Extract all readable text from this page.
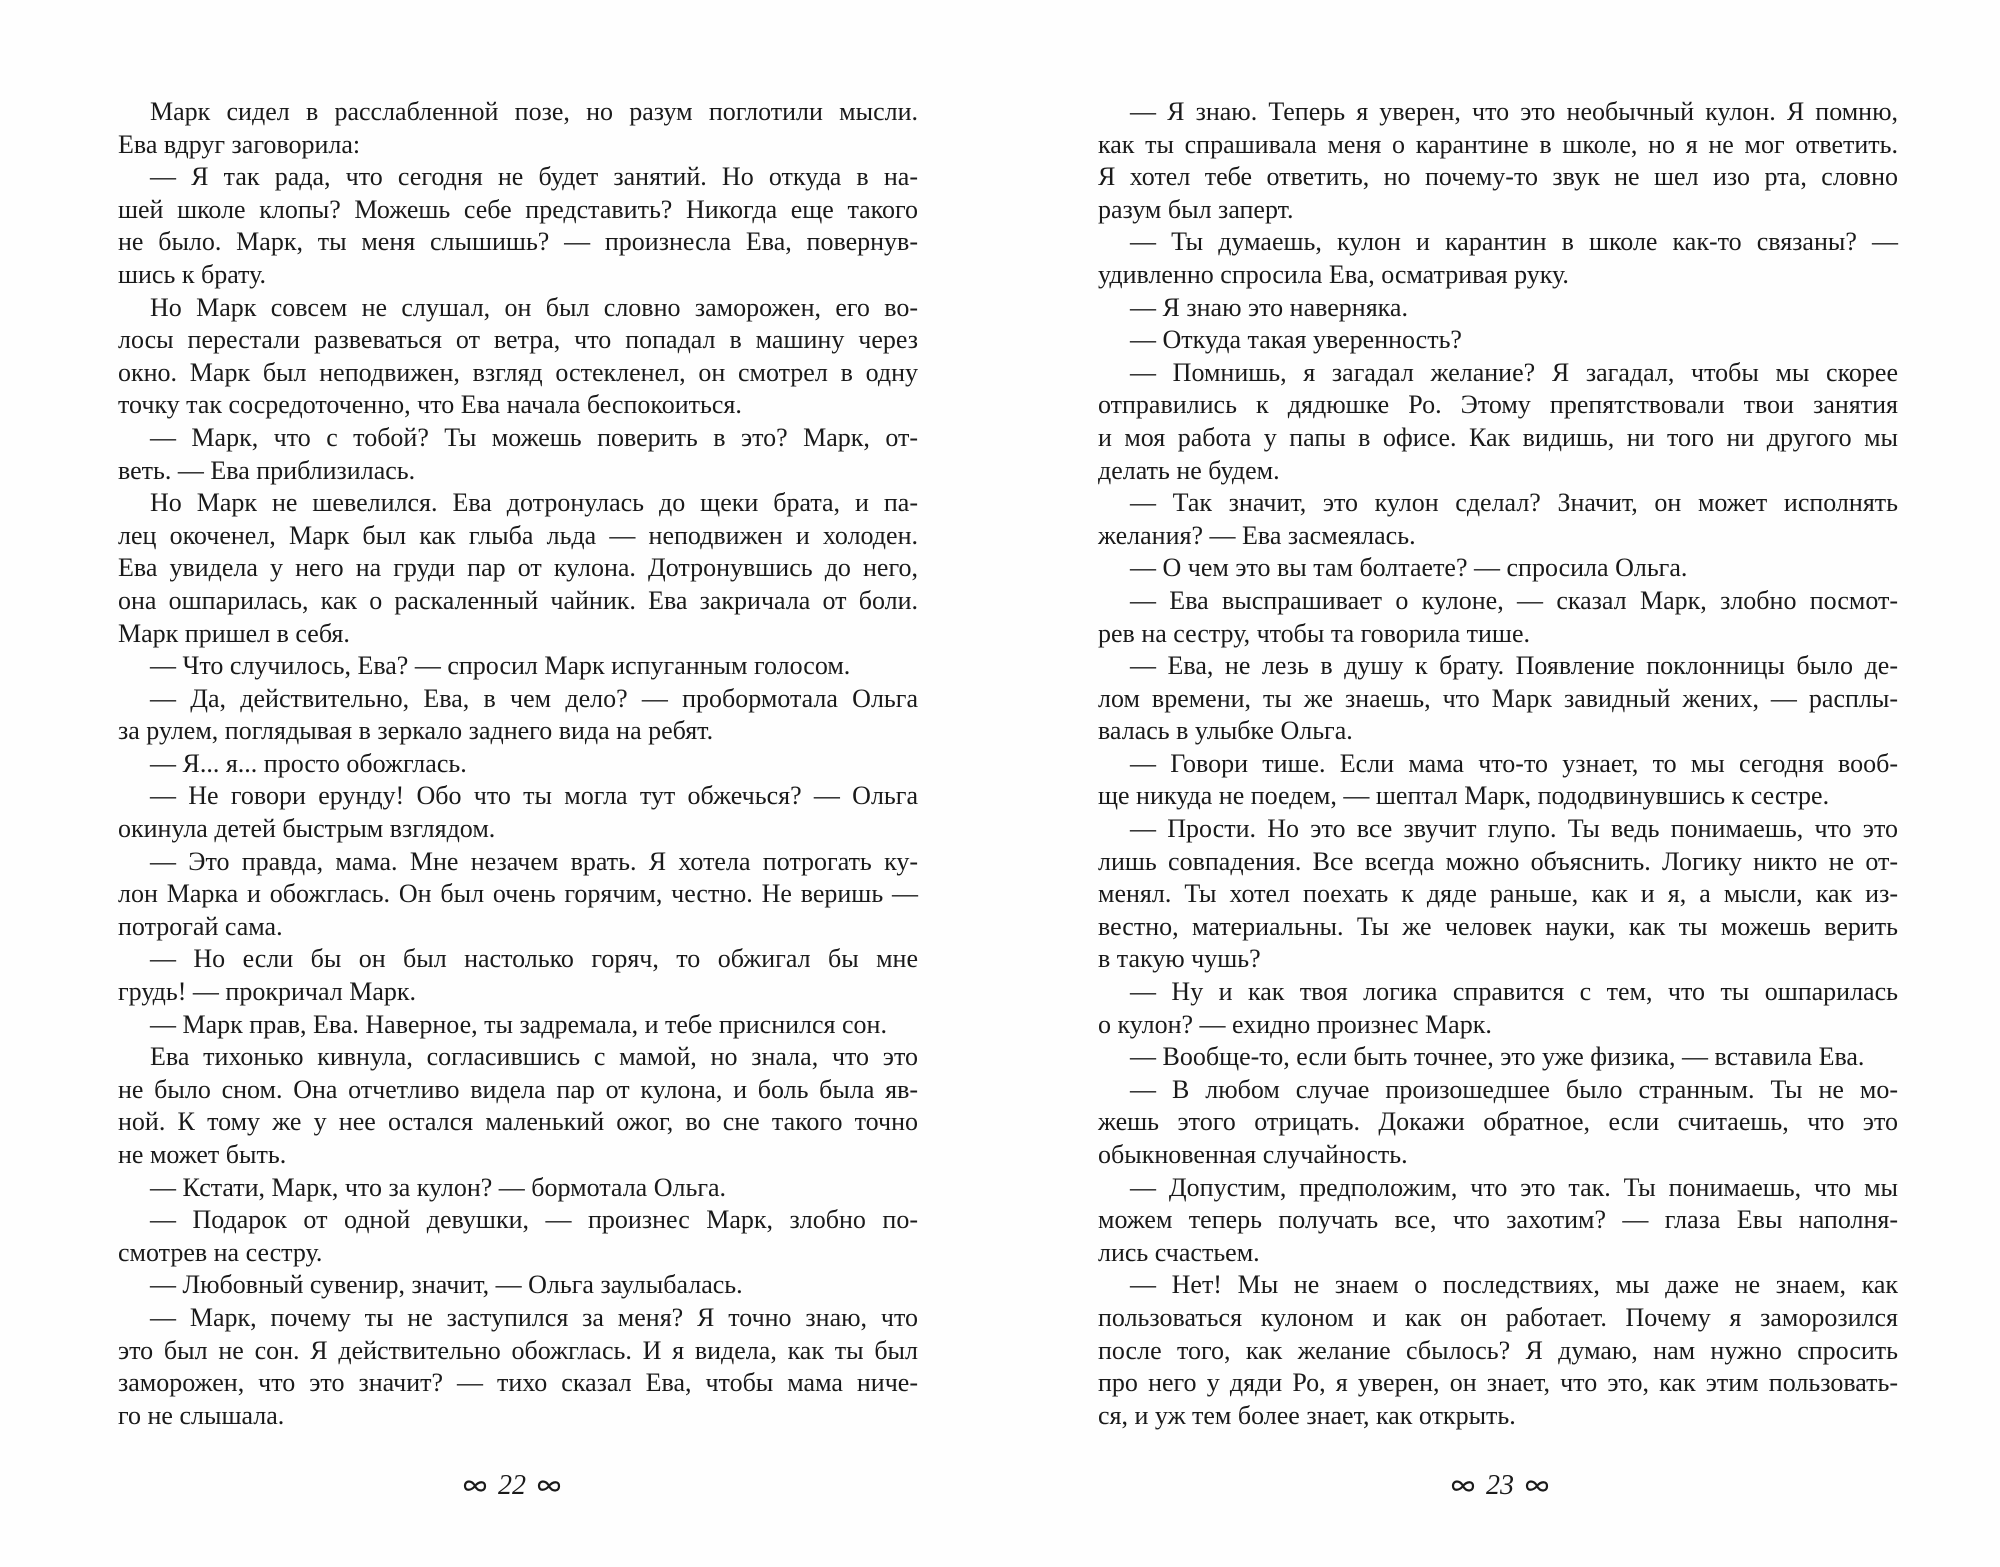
Марк сидел в расслабленной позе, но разум поглотили мысли.
Ева вдруг заговорила:
— Я так рада, что сегодня не будет занятий. Но откуда в на-
шей школе клопы? Можешь себе представить? Никогда еще такого
не было. Марк, ты меня слышишь? — произнесла Ева, повернув-
шись к брату.
Но Марк совсем не слушал, он был словно заморожен, его во-
лосы перестали развеваться от ветра, что попадал в машину через
окно. Марк был неподвижен, взгляд остекленел, он смотрел в одну
точку так сосредоточенно, что Ева начала беспокоиться.
— Марк, что с тобой? Ты можешь поверить в это? Марк, от-
веть. — Ева приблизилась.
Но Марк не шевелился. Ева дотронулась до щеки брата, и па-
лец окоченел, Марк был как глыба льда — неподвижен и холоден.
Ева увидела у него на груди пар от кулона. Дотронувшись до него,
она ошпарилась, как о раскаленный чайник. Ева закричала от боли.
Марк пришел в себя.
— Что случилось, Ева? — спросил Марк испуганным голосом.
— Да, действительно, Ева, в чем дело? — пробормотала Ольга
за рулем, поглядывая в зеркало заднего вида на ребят.
— Я... я... просто обожглась.
— Не говори ерунду! Обо что ты могла тут обжечься? — Ольга
окинула детей быстрым взглядом.
— Это правда, мама. Мне незачем врать. Я хотела потрогать ку-
лон Марка и обожглась. Он был очень горячим, честно. Не веришь —
потрогай сама.
— Но если бы он был настолько горяч, то обжигал бы мне
грудь! — прокричал Марк.
— Марк прав, Ева. Наверное, ты задремала, и тебе приснился сон.
Ева тихонько кивнула, согласившись с мамой, но знала, что это
не было сном. Она отчетливо видела пар от кулона, и боль была яв-
ной. К тому же у нее остался маленький ожог, во сне такого точно
не может быть.
— Кстати, Марк, что за кулон? — бормотала Ольга.
— Подарок от одной девушки, — произнес Марк, злобно по-
смотрев на сестру.
— Любовный сувенир, значит, — Ольга заулыбалась.
— Марк, почему ты не заступился за меня? Я точно знаю, что
это был не сон. Я действительно обожглась. И я видела, как ты был
заморожен, что это значит? — тихо сказал Ева, чтобы мама ниче-
го не слышала.
— Я знаю. Теперь я уверен, что это необычный кулон. Я помню,
как ты спрашивала меня о карантине в школе, но я не мог ответить.
Я хотел тебе ответить, но почему-то звук не шел изо рта, словно
разум был заперт.
— Ты думаешь, кулон и карантин в школе как-то связаны? —
удивленно спросила Ева, осматривая руку.
— Я знаю это наверняка.
— Откуда такая уверенность?
— Помнишь, я загадал желание? Я загадал, чтобы мы скорее
отправились к дядюшке Ро. Этому препятствовали твои занятия
и моя работа у папы в офисе. Как видишь, ни того ни другого мы
делать не будем.
— Так значит, это кулон сделал? Значит, он может исполнять
желания? — Ева засмеялась.
— О чем это вы там болтаете? — спросила Ольга.
— Ева выспрашивает о кулоне, — сказал Марк, злобно посмот-
рев на сестру, чтобы та говорила тише.
— Ева, не лезь в душу к брату. Появление поклонницы было де-
лом времени, ты же знаешь, что Марк завидный жених, — расплы-
валась в улыбке Ольга.
— Говори тише. Если мама что-то узнает, то мы сегодня вооб-
ще никуда не поедем, — шептал Марк, пододвинувшись к сестре.
— Прости. Но это все звучит глупо. Ты ведь понимаешь, что это
лишь совпадения. Все всегда можно объяснить. Логику никто не от-
менял. Ты хотел поехать к дяде раньше, как и я, а мысли, как из-
вестно, материальны. Ты же человек науки, как ты можешь верить
в такую чушь?
— Ну и как твоя логика справится с тем, что ты ошпарилась
о кулон? — ехидно произнес Марк.
— Вообще-то, если быть точнее, это уже физика, — вставила Ева.
— В любом случае произошедшее было странным. Ты не мо-
жешь этого отрицать. Докажи обратное, если считаешь, что это
обыкновенная случайность.
— Допустим, предположим, что это так. Ты понимаешь, что мы
можем теперь получать все, что захотим? — глаза Евы наполня-
лись счастьем.
— Нет! Мы не знаем о последствиях, мы даже не знаем, как
пользоваться кулоном и как он работает. Почему я заморозился
после того, как желание сбылось? Я думаю, нам нужно спросить
про него у дяди Ро, я уверен, он знает, что это, как этим пользовать-
ся, и уж тем более знает, как открыть.
22	23
